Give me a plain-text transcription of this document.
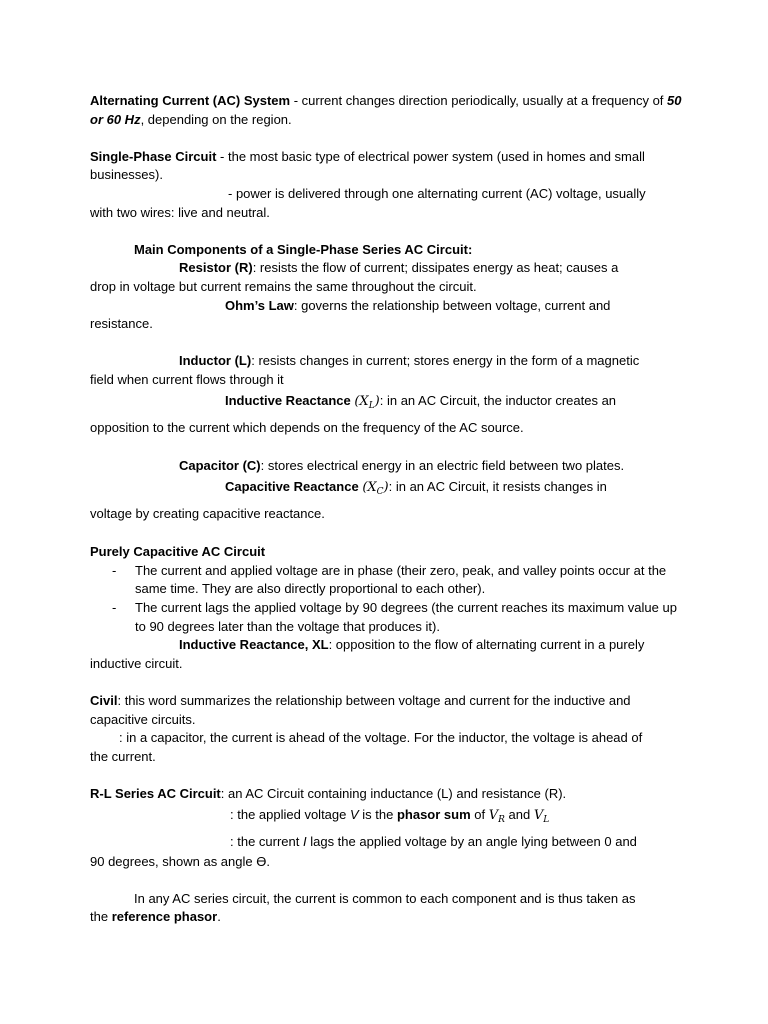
Alternating Current (AC) System - current changes direction periodically, usually at a frequency of 50 or 60 Hz, depending on the region.

Single-Phase Circuit - the most basic type of electrical power system (used in homes and small businesses).

- power is delivered through one alternating current (AC) voltage, usually

with two wires: live and neutral.

Main Components of a Single-Phase Series AC Circuit:

Resistor (R): resists the flow of current; dissipates energy as heat; causes a

drop in voltage but current remains the same throughout the circuit.

Ohm’s Law: governs the relationship between voltage, current and

resistance.

Inductor (L): resists changes in current; stores energy in the form of a magnetic

field when current flows through it

Inductive Reactance $(X_L)$: in an AC Circuit, the inductor creates an

opposition to the current which depends on the frequency of the AC source.

Capacitor (C): stores electrical energy in an electric field between two plates.

Capacitive Reactance $(X_C)$: in an AC Circuit, it resists changes in

voltage by creating capacitive reactance.

Purely Capacitive AC Circuit

-	The current and applied voltage are in phase (their zero, peak, and valley points occur at the same time. They are also directly proportional to each other).
-	The current lags the applied voltage by 90 degrees (the current reaches its maximum value up to 90 degrees later than the voltage that produces it).

Inductive Reactance, XL: opposition to the flow of alternating current in a purely

inductive circuit.

Civil: this word summarizes the relationship between voltage and current for the inductive and capacitive circuits.

: in a capacitor, the current is ahead of the voltage. For the inductor, the voltage is ahead of

the current.

R-L Series AC Circuit: an AC Circuit containing inductance (L) and resistance (R).

: the applied voltage V is the phasor sum of $V_R$ and $V_L$

: the current I lags the applied voltage by an angle lying between 0 and

90 degrees, shown as angle ϴ.

In any AC series circuit, the current is common to each component and is thus taken as

the reference phasor.
